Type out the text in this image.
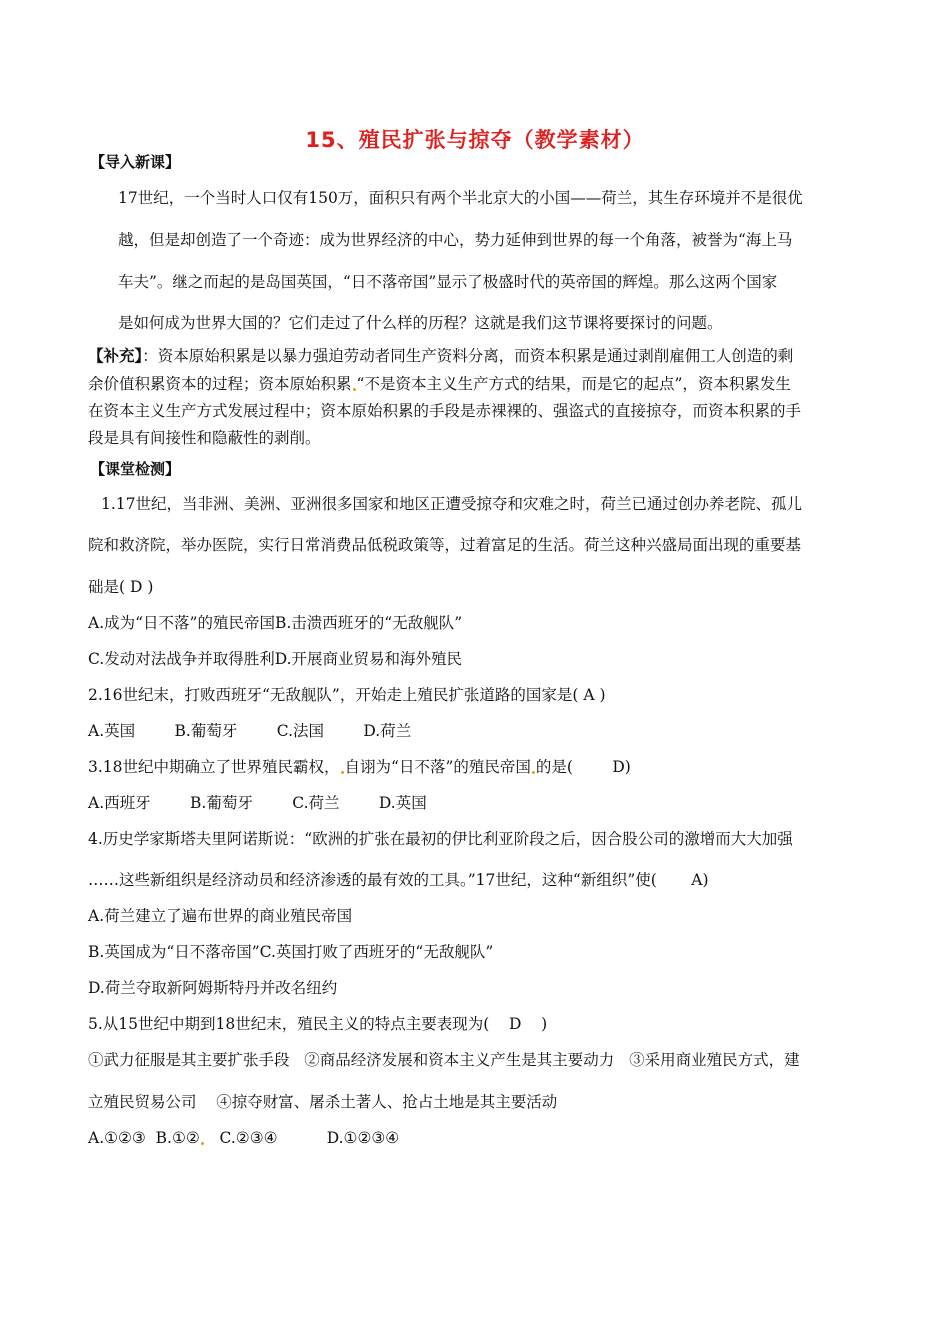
15、殖民扩张与掠夺（教学素材）
【导入新课】
17世纪，一个当时人口仅有150万，面积只有两个半北京大的小国——荷兰，其生存环境并不是很优
越，但是却创造了一个奇迹：成为世界经济的中心，势力延伸到世界的每一个角落，被誉为“海上马
车夫”。继之而起的是岛国英国，“日不落帝国”显示了极盛时代的英帝国的辉煌。那么这两个国家
是如何成为世界大国的？它们走过了什么样的历程？这就是我们这节课将要探讨的问题。
【补充】：资本原始积累是以暴力强迫劳动者同生产资料分离，而资本积累是通过剥削雇佣工人创造的剩
余价值积累资本的过程；资本原始积累 “不是资本主义生产方式的结果，而是它的起点”，资本积累发生
在资本主义生产方式发展过程中；资本原始积累的手段是赤裸裸的、强盗式的直接掠夺，而资本积累的手
段是具有间接性和隐蔽性的剥削。
【课堂检测】
1.17世纪，当非洲、美洲、亚洲很多国家和地区正遭受掠夺和灾难之时，荷兰已通过创办养老院、孤儿
院和救济院，举办医院，实行日常消费品低税政策等，过着富足的生活。荷兰这种兴盛局面出现的重要基
础是( D )
A.成为“日不落”的殖民帝国B.击溃西班牙的“无敌舰队”
C.发动对法战争并取得胜利D.开展商业贸易和海外殖民
2.16世纪末，打败西班牙“无敌舰队”，开始走上殖民扩张道路的国家是( A )
A.英国        B.葡萄牙        C.法国        D.荷兰
3.18世纪中期确立了世界殖民霸权， 自诩为“日不落”的殖民帝国 的是(        D)
A.西班牙        B.葡萄牙        C.荷兰        D.英国
4.历史学家斯塔夫里阿诺斯说：“欧洲的扩张在最初的伊比利亚阶段之后，因合股公司的激增而大大加强
……这些新组织是经济动员和经济渗透的最有效的工具。”17世纪，这种“新组织”使(       A)
A.荷兰建立了遍布世界的商业殖民帝国
B.英国成为“日不落帝国”C.英国打败了西班牙的“无敌舰队”
D.荷兰夺取新阿姆斯特丹并改名纽约
5.从15世纪中期到18世纪末，殖民主义的特点主要表现为(    D    )
①武力征服是其主要扩张手段   ②商品经济发展和资本主义产生是其主要动力   ③采用商业殖民方式，建
立殖民贸易公司    ④掠夺财富、屠杀土著人、抢占土地是其主要活动
A.①②③  B.①②   C.②③④          D.①②③④
